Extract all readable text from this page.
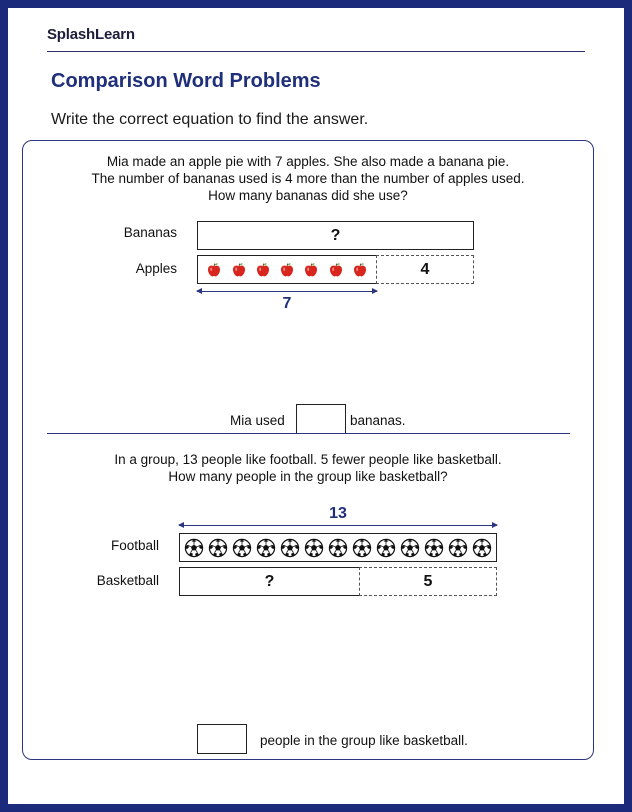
SplashLearn
Comparison Word Problems
Write the correct equation to find the answer.
Mia made an apple pie with 7 apples. She also made a banana pie.
The number of bananas used is 4 more than the number of apples used.
How many bananas did she use?
Bananas	?
Apples	4
7
Mia used	bananas.
In a group, 13 people like football. 5 fewer people like basketball.
How many people in the group like basketball?
13
Football
Basketball	?	5
people in the group like basketball.
